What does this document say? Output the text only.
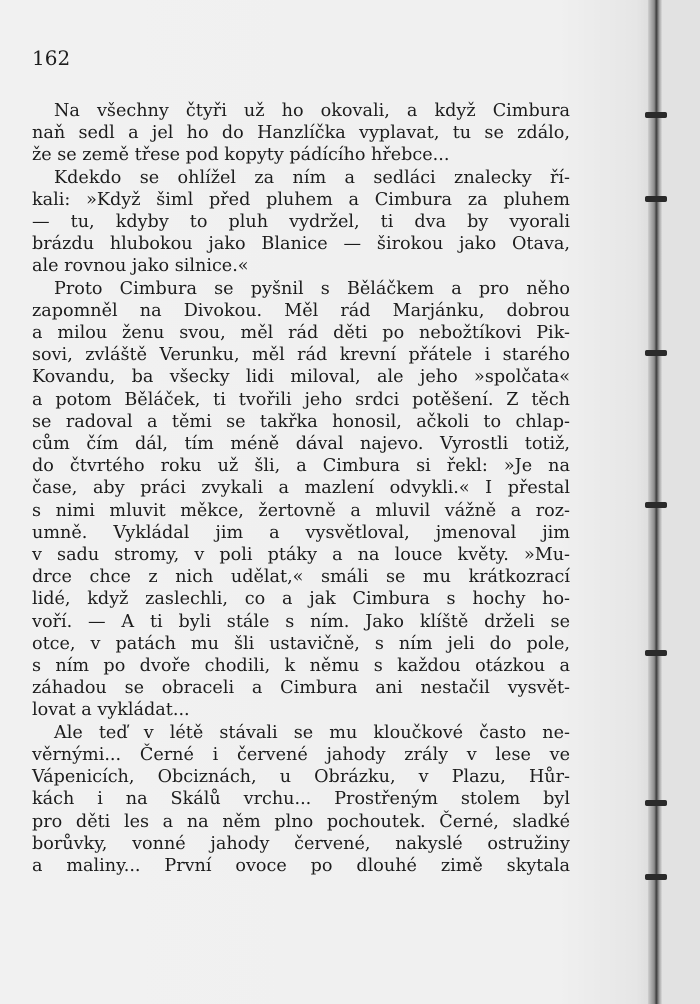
162
Na všechny čtyři už ho okovali, a když Cimbura
naň sedl a jel ho do Hanzlíčka vyplavat, tu se zdálo,
že se země třese pod kopyty pádícího hřebce...
Kdekdo se ohlížel za ním a sedláci znalecky ří-
kali: »Když šiml před pluhem a Cimbura za pluhem
— tu, kdyby to pluh vydržel, ti dva by vyorali
brázdu hlubokou jako Blanice — širokou jako Otava,
ale rovnou jako silnice.«
Proto Cimbura se pyšnil s Běláčkem a pro něho
zapomněl na Divokou. Měl rád Marjánku, dobrou
a milou ženu svou, měl rád děti po nebožtíkovi Pik-
sovi, zvláště Verunku, měl rád krevní přátele i starého
Kovandu, ba všecky lidi miloval, ale jeho »spolčata«
a potom Běláček, ti tvořili jeho srdci potěšení. Z těch
se radoval a těmi se takřka honosil, ačkoli to chlap-
cům čím dál, tím méně dával najevo. Vyrostli totiž,
do čtvrtého roku už šli, a Cimbura si řekl: »Je na
čase, aby práci zvykali a mazlení odvykli.« I přestal
s nimi mluvit měkce, žertovně a mluvil vážně a roz-
umně. Vykládal jim a vysvětloval, jmenoval jim
v sadu stromy, v poli ptáky a na louce květy. »Mu-
drce chce z nich udělat,« smáli se mu krátkozrací
lidé, když zaslechli, co a jak Cimbura s hochy ho-
voří. — A ti byli stále s ním. Jako klíště drželi se
otce, v patách mu šli ustavičně, s ním jeli do pole,
s ním po dvoře chodili, k němu s každou otázkou a
záhadou se obraceli a Cimbura ani nestačil vysvět-
lovat a vykládat...
Ale teď v létě stávali se mu kloučkové často ne-
věrnými... Černé i červené jahody zrály v lese ve
Vápenicích, Obciznách, u Obrázku, v Plazu, Hůr-
kách i na Skálů vrchu... Prostřeným stolem byl
pro děti les a na něm plno pochoutek. Černé, sladké
borůvky, vonné jahody červené, nakyslé ostružiny
a maliny... První ovoce po dlouhé zimě skytala
